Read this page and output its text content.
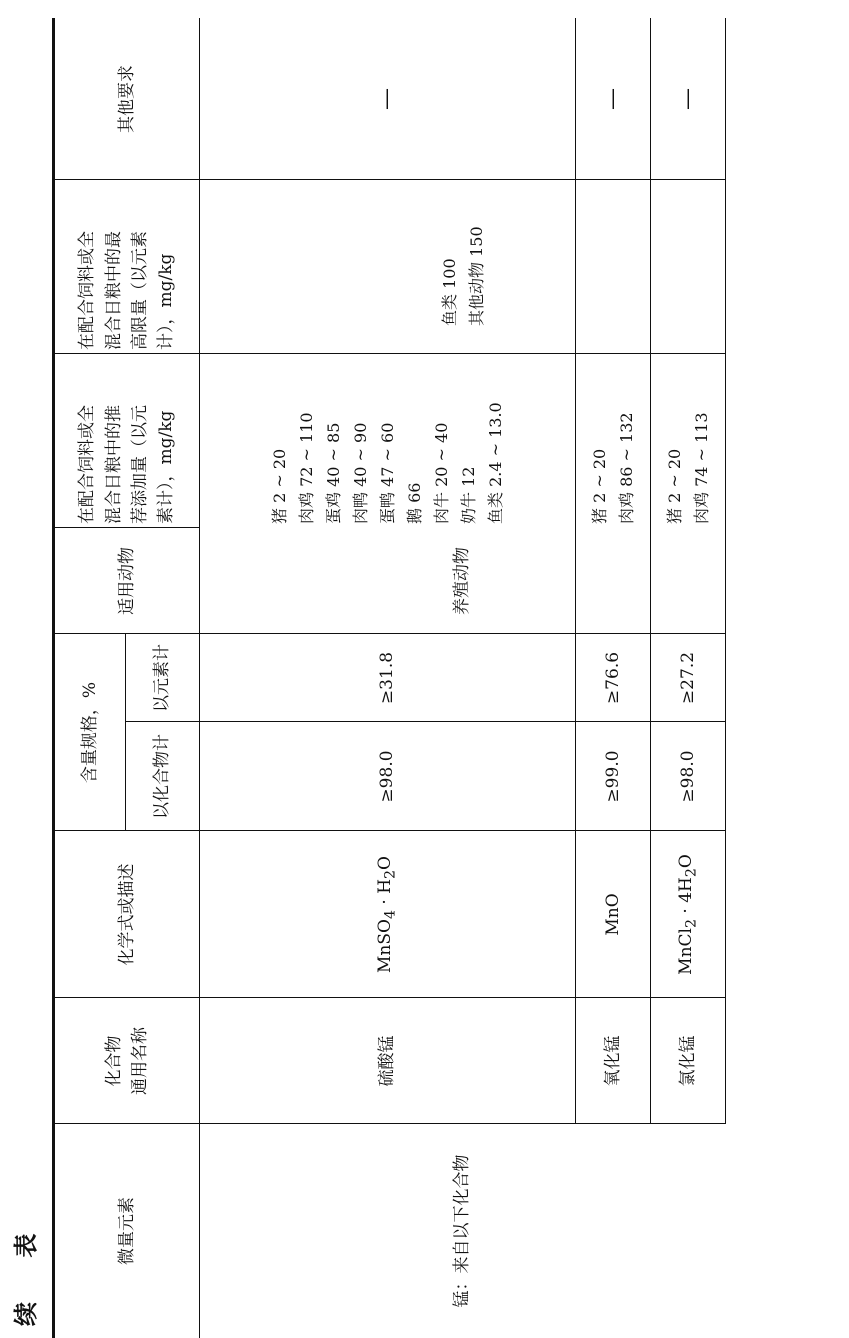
续 表	微量元素
化合物 通用名称
化学式或描述
含量规格，%	以化合物计
以元素计
适用动物
在配合饲料或全 混合日粮中的推 荐添加量（以元 素计），mg/kg
在配合饲料或全 混合日粮中的最 高限量（以元素 计），mg/kg
其他要求
锰：来自以下化合物
硫酸锰
MnSO$_4$ · $H_2O$
≥98.0
≥31.8
养殖动物
猪 2 ~ 20 肉鸡 72 ~ 110 蛋鸡 40 ~ 85 肉鸭 40 ~ 90 蛋鸭 47 ~ 60 鹅 66 肉牛 20 ~ 40 奶牛 12 鱼类 2.4 ~ 13.0
鱼类 100 其他动物 150
—
氧化锰
MnO
≥99.0
≥76.6
猪 2 ~ 20 肉鸡 86 ~ 132
—
氯化锰
MnCl$_2$ · $4H_2O$
≥98.0
≥27.2
猪 2 ~ 20 肉鸡 74 ~ 113
—
